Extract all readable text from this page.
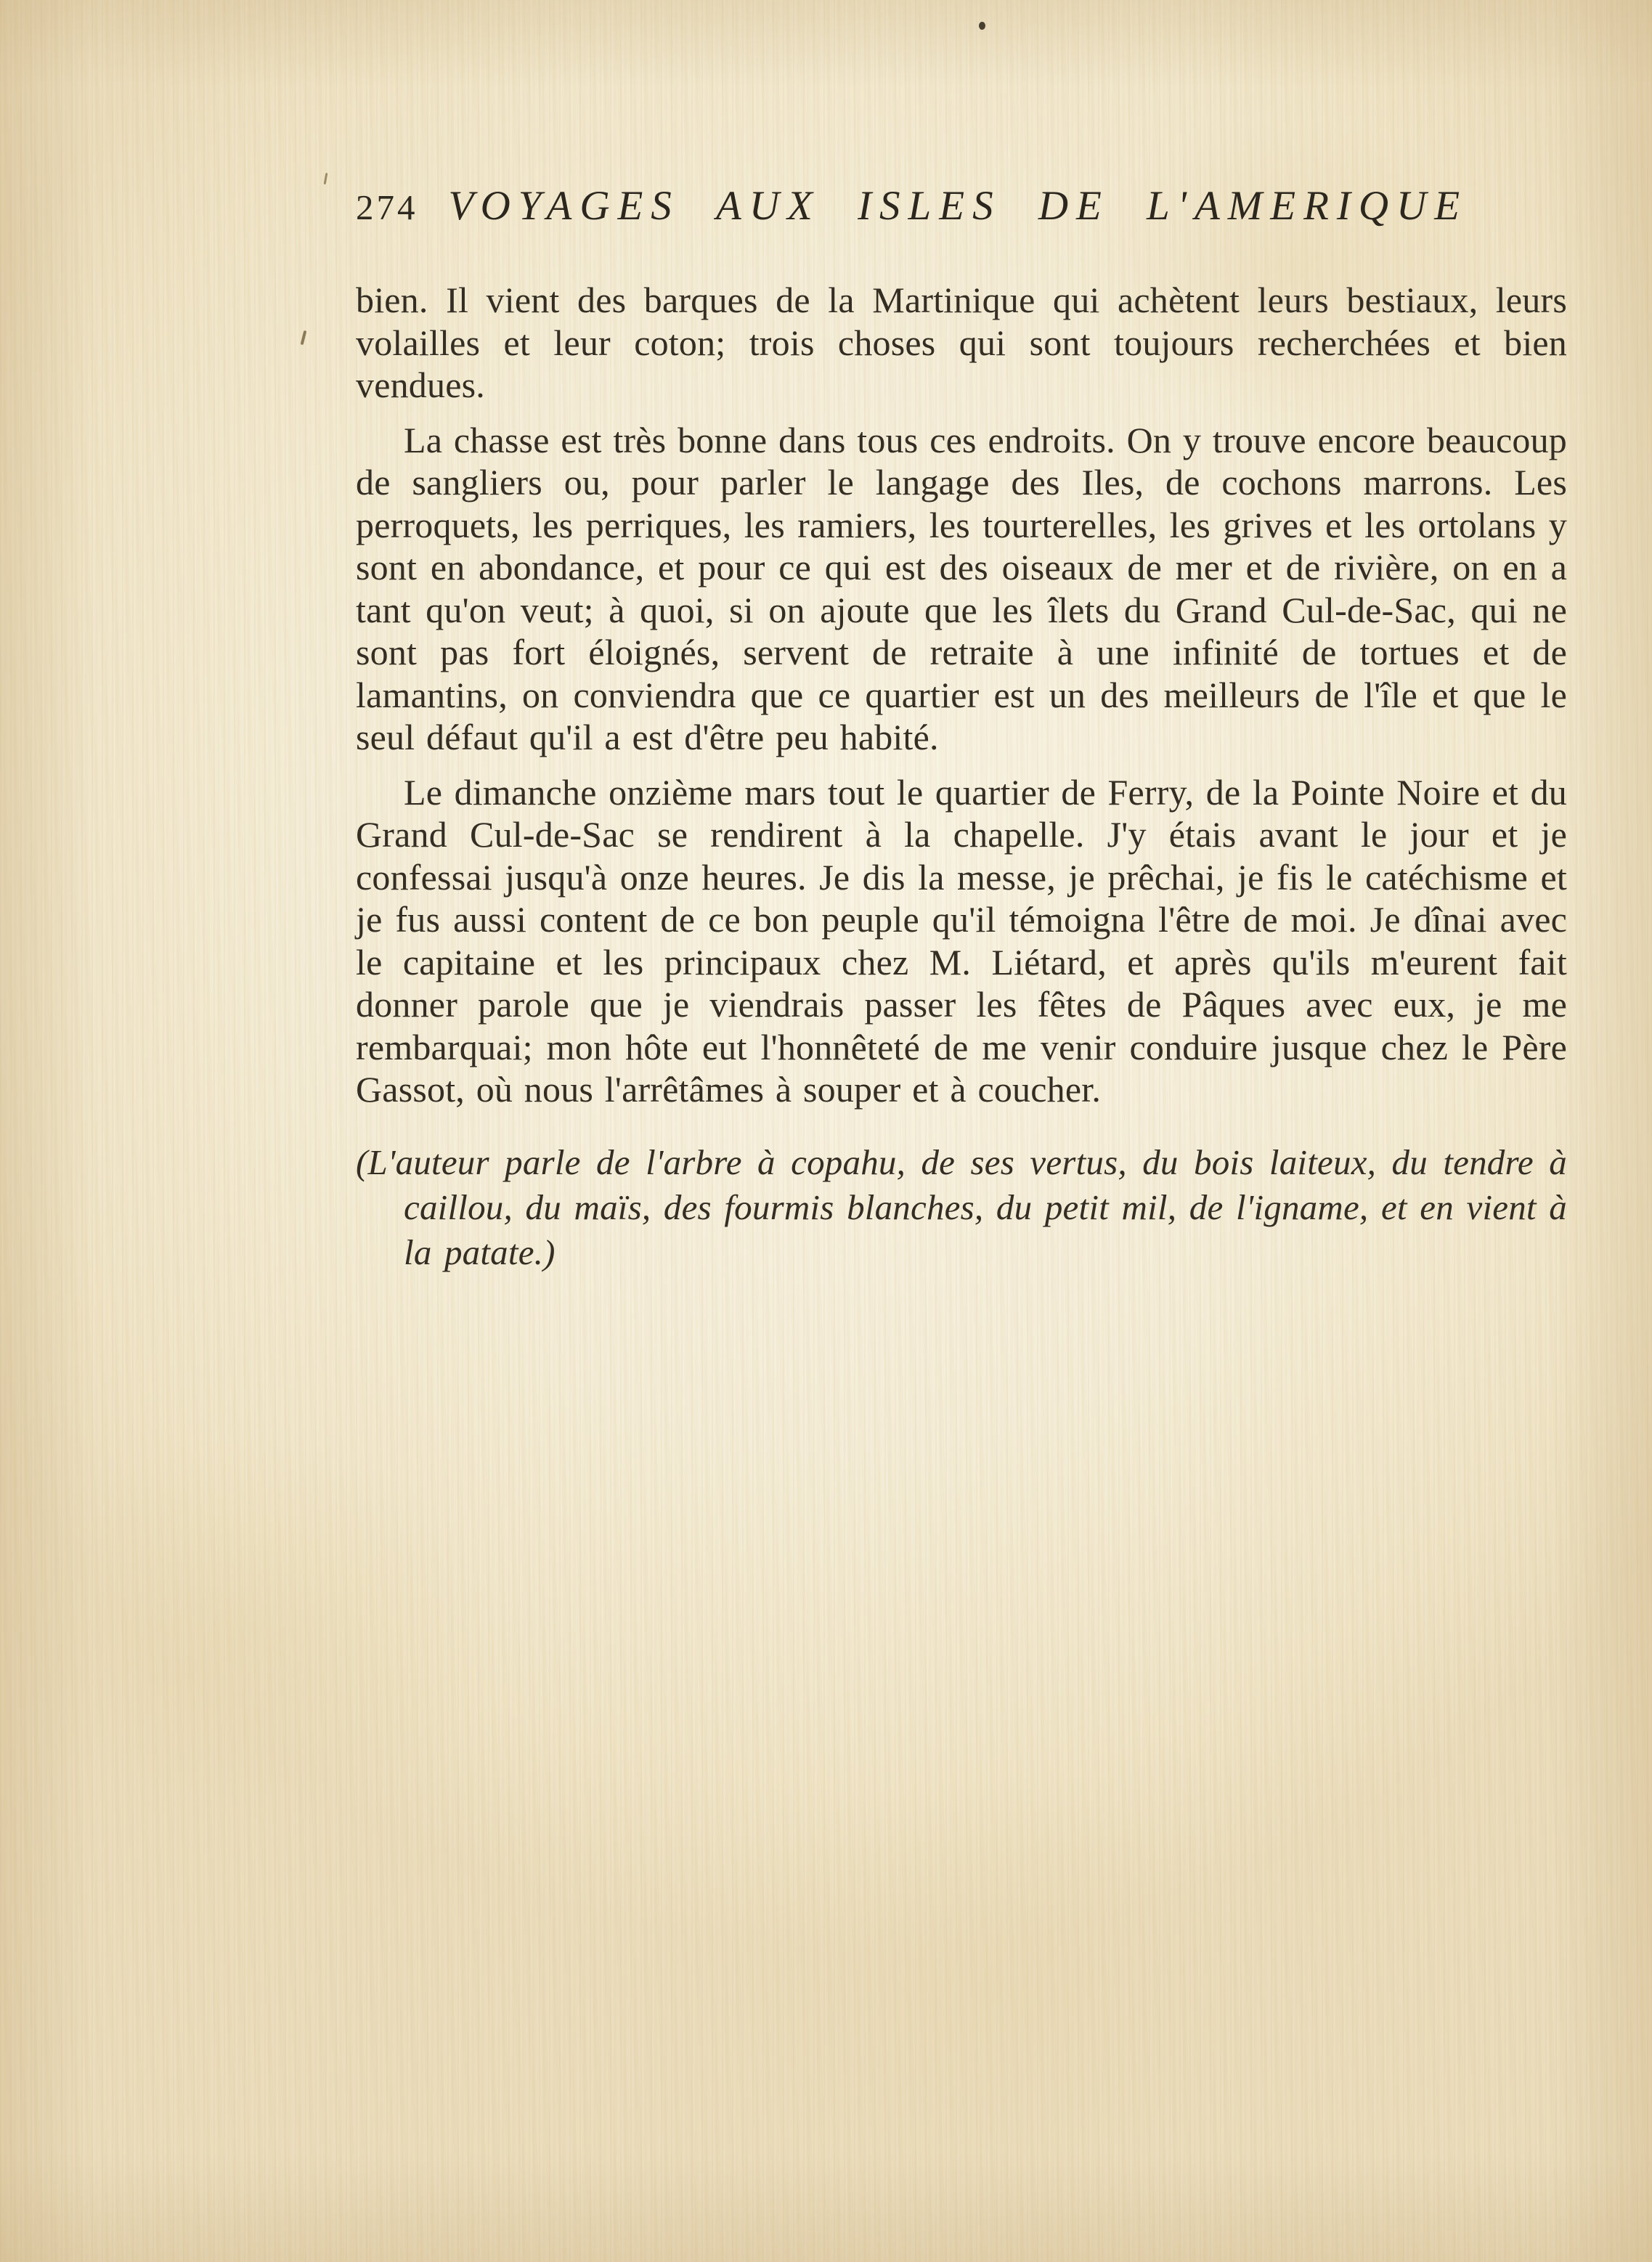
274 VOYAGES AUX ISLES DE L'AMERIQUE

bien. Il vient des barques de la Martinique qui achètent leurs bestiaux, leurs volailles et leur coton; trois choses qui sont toujours recherchées et bien vendues.

La chasse est très bonne dans tous ces endroits. On y trouve encore beaucoup de sangliers ou, pour parler le langage des Iles, de cochons marrons. Les perroquets, les perriques, les ramiers, les tourterelles, les grives et les ortolans y sont en abondance, et pour ce qui est des oiseaux de mer et de rivière, on en a tant qu'on veut; à quoi, si on ajoute que les îlets du Grand Cul-de-Sac, qui ne sont pas fort éloignés, servent de retraite à une infinité de tortues et de lamantins, on conviendra que ce quartier est un des meilleurs de l'île et que le seul défaut qu'il a est d'être peu habité.

Le dimanche onzième mars tout le quartier de Ferry, de la Pointe Noire et du Grand Cul-de-Sac se rendirent à la chapelle. J'y étais avant le jour et je confessai jusqu'à onze heures. Je dis la messe, je prêchai, je fis le catéchisme et je fus aussi content de ce bon peuple qu'il témoigna l'être de moi. Je dînai avec le capitaine et les principaux chez M. Liétard, et après qu'ils m'eurent fait donner parole que je viendrais passer les fêtes de Pâques avec eux, je me rembarquai; mon hôte eut l'honnêteté de me venir conduire jusque chez le Père Gassot, où nous l'arrêtâmes à souper et à coucher.

(L'auteur parle de l'arbre à copahu, de ses vertus, du bois laiteux, du tendre à caillou, du maïs, des fourmis blanches, du petit mil, de l'igname, et en vient à la patate.)
